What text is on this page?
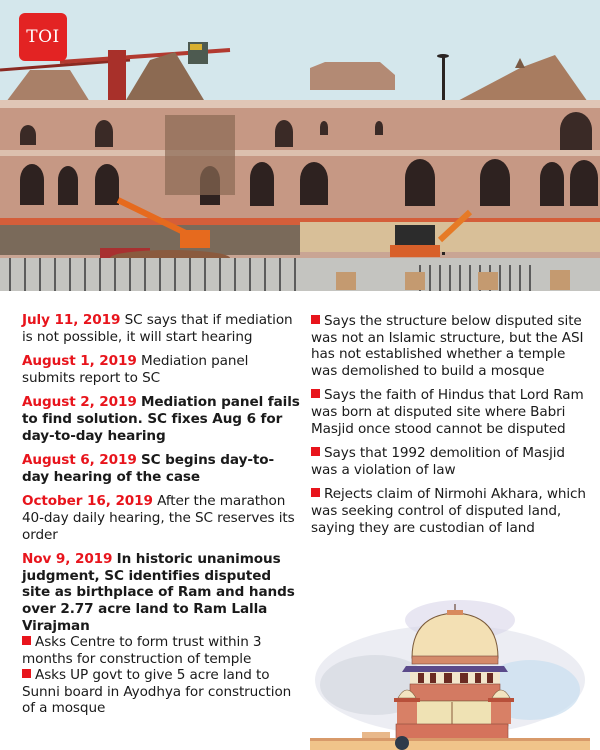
TOI
July 11, 2019 SC says that if mediation is not possible, it will start hearing
August 1, 2019 Mediation panel submits report to SC
August 2, 2019 Mediation panel fails to find solution. SC fixes Aug 6 for day-to-day hearing
August 6, 2019 SC begins day-to-day hearing of the case
October 16, 2019 After the marathon 40-day daily hearing, the SC reserves its order
Nov 9, 2019 In historic unanimous judgment, SC identifies disputed site as birthplace of Ram and hands over 2.77 acre land to Ram Lalla Virajman
Asks Centre to form trust within 3 months for construction of temple
Asks UP govt to give 5 acre land to Sunni board in Ayodhya for construction of a mosque
Says the structure below disputed site was not an Islamic structure, but the ASI has not established whether a temple was demolished to build a mosque
Says the faith of Hindus that Lord Ram was born at disputed site where Babri Masjid once stood cannot be disputed
Says that 1992 demolition of Masjid was a violation of law
Rejects claim of Nirmohi Akhara, which was seeking control of disputed land, saying they are custodian of land
